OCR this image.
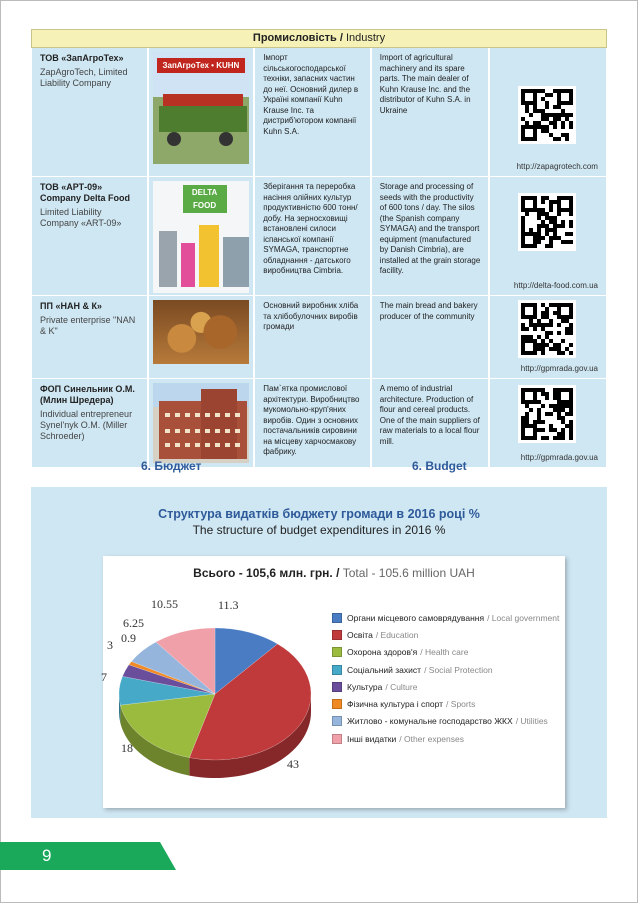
Промисловість / Industry
ТОВ «ЗапАгроТех»
ZapAgroTech, Limited Liability Company
ЗапАгроТех • KUHN
Імпорт сільськогосподарської техніки, запасних частин до неї. Основний дилер в Україні компанії Kuhn Krause Inc. та дистриб'ютором компанії Kuhn S.A.
Import of agricultural machinery and its spare parts. The main dealer of Kuhn Krause Inc. and the distributor of Kuhn S.A. in Ukraine
http://zapagrotech.com
ТОВ «АРТ-09»
Company Delta Food
Limited Liability Company «ART-09»
DELTA FOOD
Зберігання та переробка насіння олійних культур продуктивністю 600 тонн/добу. На зерносховищі встановлені силоси іспанської компанії SYMAGA, транспортне обладнання - датського виробництва Cimbria.
Storage and processing of seeds with the productivity of 600 tons / day. The silos (the Spanish company SYMAGA) and the transport equipment (manufactured by Danish Cimbria), are installed at the grain storage facility.
http://delta-food.com.ua
ПП «НАН & К»
Private enterprise "NAN & K"
Основний виробник хліба та хлібобулочних виробів громади
The main bread and bakery producer of the community
http://gpmrada.gov.ua
ФОП Синельник О.М. (Млин Шредера)
Individual entrepreneur Synel'nyk O.M. (Miller Schroeder)
Пам`ятка промислової архітектури. Виробництво мукомольно-круп'яних виробів. Один з основних постачальників сировини на місцеву харчосмакову фабрику.
A memo of industrial architecture. Production of flour and cereal products. One of the main suppliers of raw materials to a local flour mill.
http://gpmrada.gov.ua
6. Бюджет	6. Budget
Структура видатків бюджету громади в 2016 році %
The structure of budget expenditures in 2016 %
Всього - 105,6 млн. грн. / Total - 105.6 million UAH
11.3
43
18
7
3 0.9
6.25
10.55
Органи місцевого самоврядування / Local government
Освіта / Education
Охорона здоров'я / Health care
Соціальний захист / Social Protection
Культура / Culture
Фізична культура і спорт / Sports
Житлово - комунальне господарство ЖКХ / Utilities
Інші видатки / Other expenses
9
